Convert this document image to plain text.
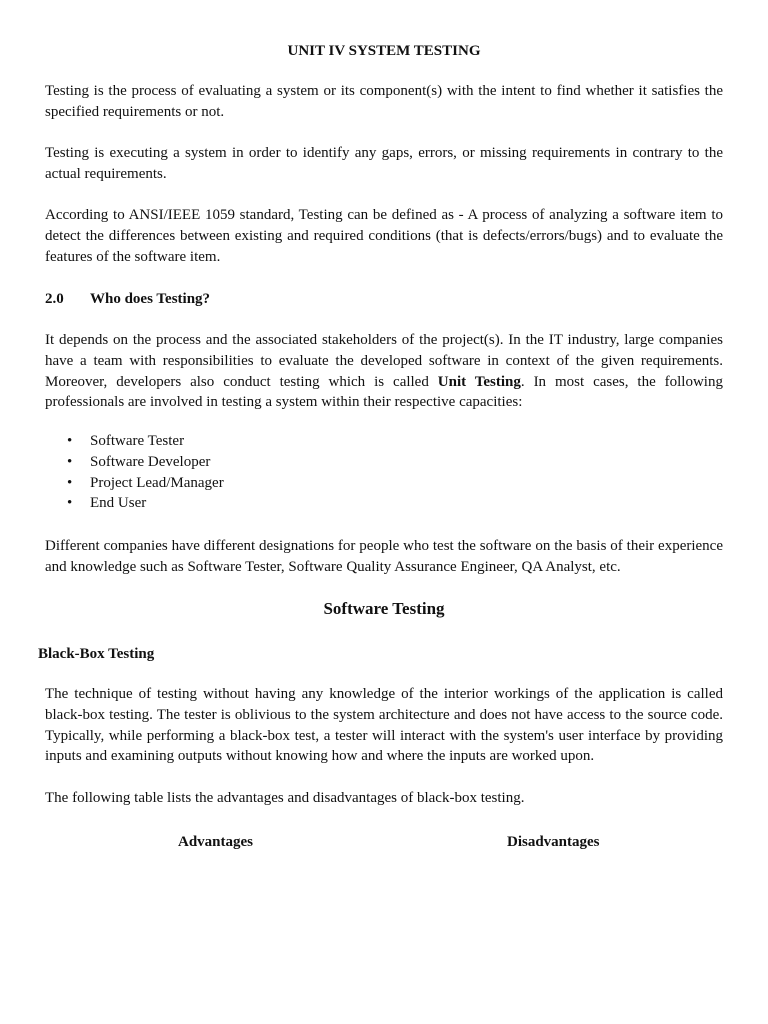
UNIT IV SYSTEM TESTING

Testing is the process of evaluating a system or its component(s) with the intent to find whether it satisfies the specified requirements or not.

Testing is executing a system in order to identify any gaps, errors, or missing requirements in contrary to the actual requirements.

According to ANSI/IEEE 1059 standard, Testing can be defined as - A process of analyzing a software item to detect the differences between existing and required conditions (that is defects/errors/bugs) and to evaluate the features of the software item.

2.0 Who does Testing?

It depends on the process and the associated stakeholders of the project(s). In the IT industry, large companies have a team with responsibilities to evaluate the developed software in context of the given requirements. Moreover, developers also conduct testing which is called Unit Testing. In most cases, the following professionals are involved in testing a system within their respective capacities:

• Software Tester
• Software Developer
• Project Lead/Manager
• End User

Different companies have different designations for people who test the software on the basis of their experience and knowledge such as Software Tester, Software Quality Assurance Engineer, QA Analyst, etc.

Software Testing
Black-Box Testing

The technique of testing without having any knowledge of the interior workings of the application is called black-box testing. The tester is oblivious to the system architecture and does not have access to the source code. Typically, while performing a black-box test, a tester will interact with the system's user interface by providing inputs and examining outputs without knowing how and where the inputs are worked upon.

The following table lists the advantages and disadvantages of black-box testing.

Advantages	Disadvantages
